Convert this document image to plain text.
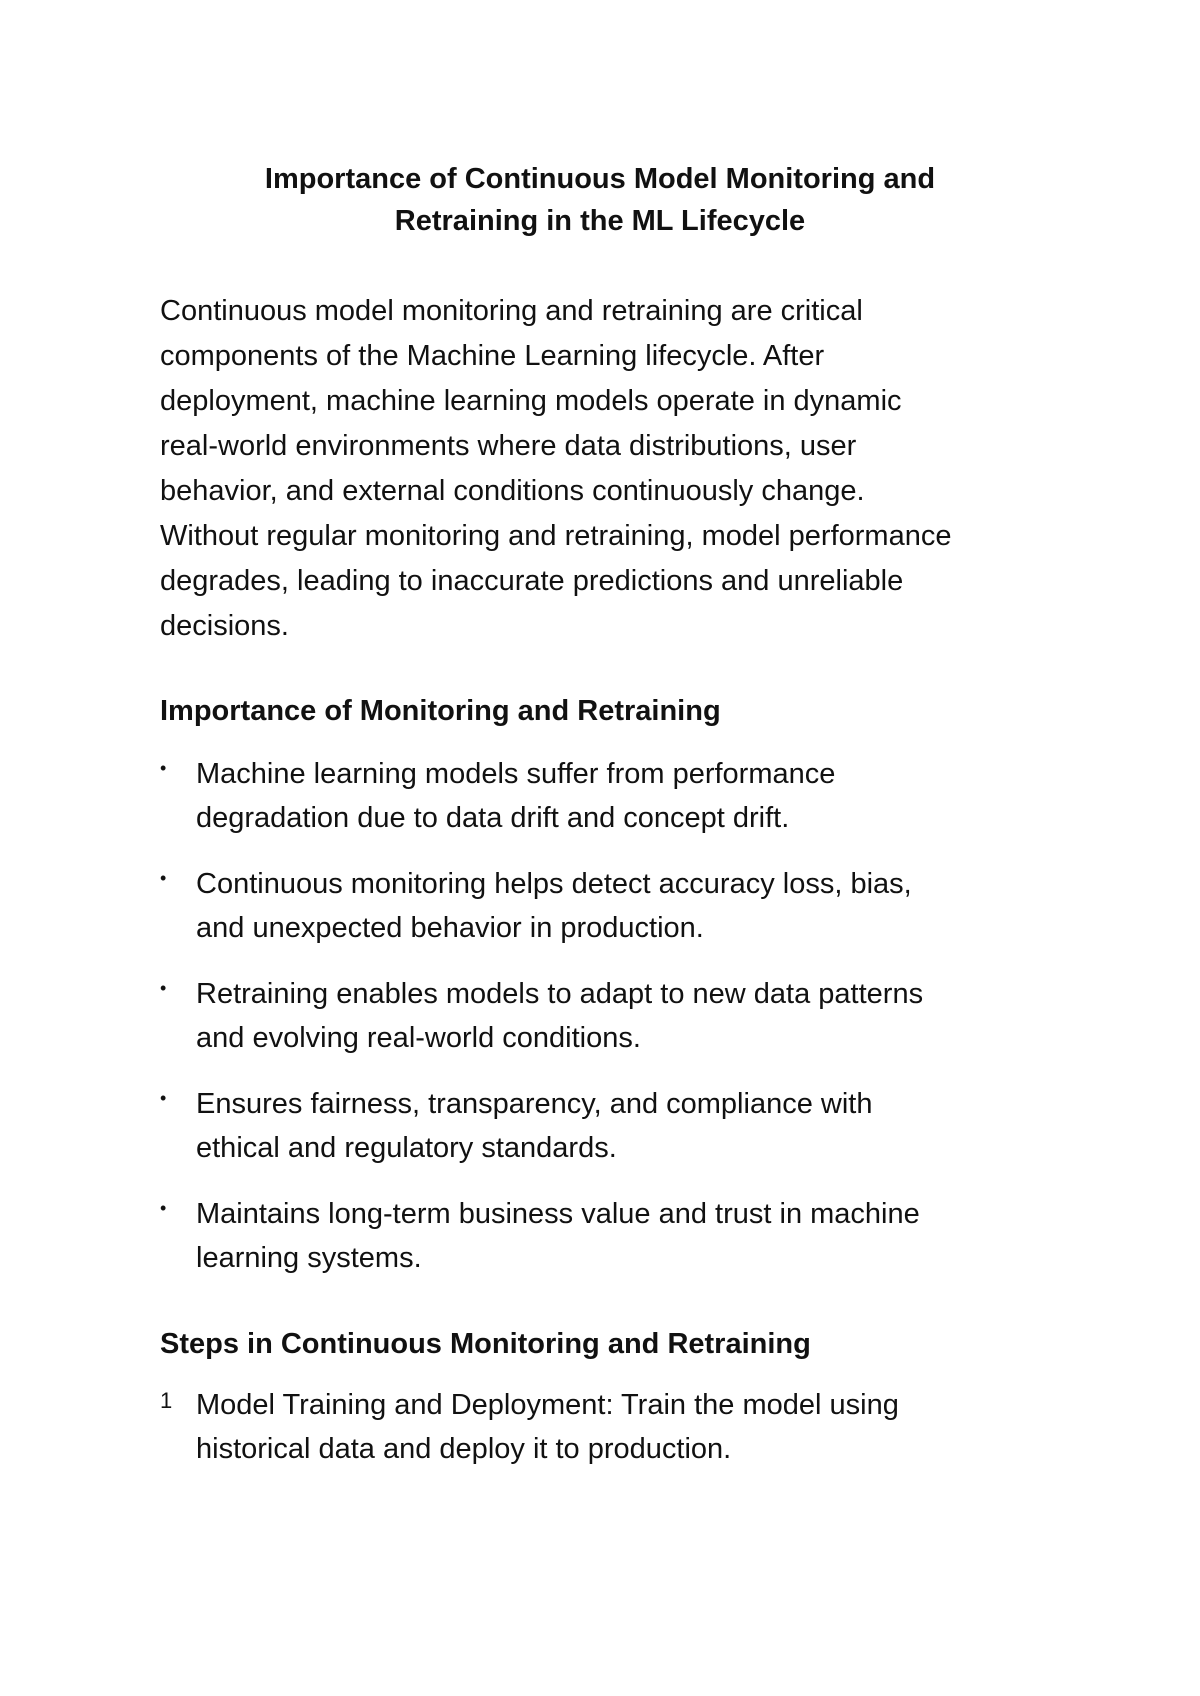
Importance of Continuous Model Monitoring and
Retraining in the ML Lifecycle
Continuous model monitoring and retraining are critical
components of the Machine Learning lifecycle. After
deployment, machine learning models operate in dynamic
real-world environments where data distributions, user
behavior, and external conditions continuously change.
Without regular monitoring and retraining, model performance
degrades, leading to inaccurate predictions and unreliable
decisions.
Importance of Monitoring and Retraining
• Machine learning models suffer from performance
degradation due to data drift and concept drift.
• Continuous monitoring helps detect accuracy loss, bias,
and unexpected behavior in production.
• Retraining enables models to adapt to new data patterns
and evolving real-world conditions.
• Ensures fairness, transparency, and compliance with
ethical and regulatory standards.
• Maintains long-term business value and trust in machine
learning systems.
Steps in Continuous Monitoring and Retraining
1 Model Training and Deployment: Train the model using
historical data and deploy it to production.
